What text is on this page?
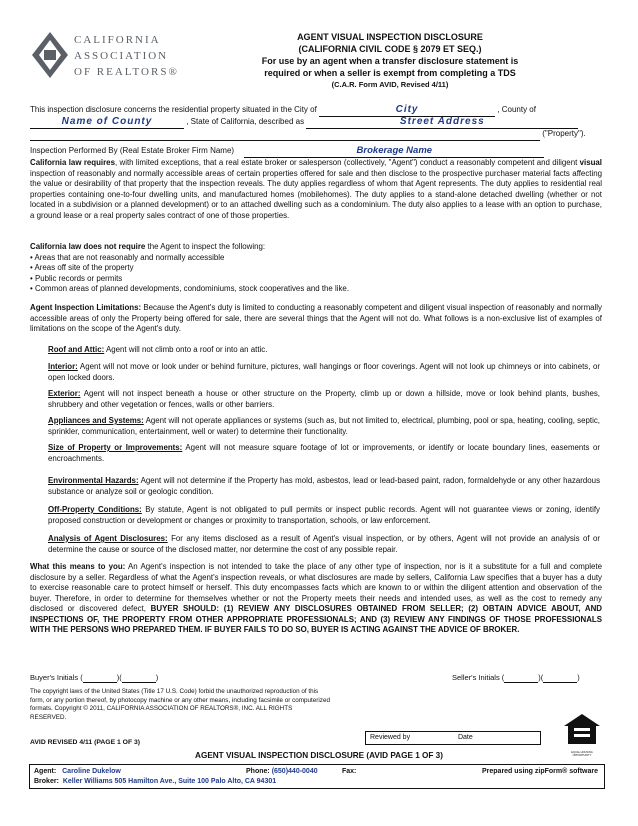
CALIFORNIA
ASSOCIATION
OF REALTORS®
AGENT VISUAL INSPECTION DISCLOSURE
(CALIFORNIA CIVIL CODE § 2079 ET SEQ.)
For use by an agent when a transfer disclosure statement is
required or when a seller is exempt from completing a TDS
(C.A.R. Form AVID, Revised 4/11)
This inspection disclosure concerns the residential property situated in the City of	City	, County of
Name of County	, State of California, described as	Street Address
("Property").
Inspection Performed By (Real Estate Broker Firm Name)	Brokerage Name
California law requires, with limited exceptions, that a real estate broker or salesperson (collectively, "Agent") conduct a reasonably competent and diligent visual inspection of reasonably and normally accessible areas of certain properties offered for sale and then disclose to the prospective purchaser material facts affecting the value or desirability of that property that the inspection reveals. The duty applies regardless of whom that Agent represents. The duty applies to residential real properties containing one-to-four dwelling units, and manufactured homes (mobilehomes). The duty applies to a stand-alone detached dwelling (whether or not located in a subdivision or a planned development) or to an attached dwelling such as a condominium. The duty also applies to a lease with an option to purchase, a ground lease or a real property sales contract of one of those properties.
California law does not require the Agent to inspect the following:
• Areas that are not reasonably and normally accessible
• Areas off site of the property
• Public records or permits
• Common areas of planned developments, condominiums, stock cooperatives and the like.
Agent Inspection Limitations: Because the Agent's duty is limited to conducting a reasonably competent and diligent visual inspection of reasonably and normally accessible areas of only the Property being offered for sale, there are several things that the Agent will not do. What follows is a non-exclusive list of examples of limitations on the scope of the Agent's duty.
Roof and Attic: Agent will not climb onto a roof or into an attic.
Interior: Agent will not move or look under or behind furniture, pictures, wall hangings or floor coverings. Agent will not look up chimneys or into cabinets, or open locked doors.
Exterior: Agent will not inspect beneath a house or other structure on the Property, climb up or down a hillside, move or look behind plants, bushes, shrubbery and other vegetation or fences, walls or other barriers.
Appliances and Systems: Agent will not operate appliances or systems (such as, but not limited to, electrical, plumbing, pool or spa, heating, cooling, septic, sprinkler, communication, entertainment, well or water) to determine their functionality.
Size of Property or Improvements: Agent will not measure square footage of lot or improvements, or identify or locate boundary lines, easements or encroachments.
Environmental Hazards: Agent will not determine if the Property has mold, asbestos, lead or lead-based paint, radon, formaldehyde or any other hazardous substance or analyze soil or geologic condition.
Off-Property Conditions: By statute, Agent is not obligated to pull permits or inspect public records. Agent will not guarantee views or zoning, identify proposed construction or development or changes or proximity to transportation, schools, or law enforcement.
Analysis of Agent Disclosures: For any items disclosed as a result of Agent's visual inspection, or by others, Agent will not provide an analysis of or determine the cause or source of the disclosed matter, nor determine the cost of any possible repair.
What this means to you: An Agent's inspection is not intended to take the place of any other type of inspection, nor is it a substitute for a full and complete disclosure by a seller. Regardless of what the Agent's inspection reveals, or what disclosures are made by sellers, California Law specifies that a buyer has a duty to exercise reasonable care to protect himself or herself. This duty encompasses facts which are known to or within the diligent attention and observation of the buyer. Therefore, in order to determine for themselves whether or not the Property meets their needs and intended uses, as well as the cost to remedy any disclosed or discovered defect, BUYER SHOULD: (1) REVIEW ANY DISCLOSURES OBTAINED FROM SELLER; (2) OBTAIN ADVICE ABOUT, AND INSPECTIONS OF, THE PROPERTY FROM OTHER APPROPRIATE PROFESSIONALS; AND (3) REVIEW ANY FINDINGS OF THOSE PROFESSIONALS WITH THE PERSONS WHO PREPARED THEM. IF BUYER FAILS TO DO SO, BUYER IS ACTING AGAINST THE ADVICE OF BROKER.
Buyer's Initials (	)(	)	Seller's Initials (	)(	)
The copyright laws of the United States (Title 17 U.S. Code) forbid the unauthorized reproduction of this form, or any portion thereof, by photocopy machine or any other means, including facsimile or computerized formats. Copyright © 2011, CALIFORNIA ASSOCIATION OF REALTORS®, INC. ALL RIGHTS RESERVED.
Reviewed by	Date
EQUAL HOUSING OPPORTUNITY
AVID REVISED 4/11 (PAGE 1 OF 3)
AGENT VISUAL INSPECTION DISCLOSURE (AVID PAGE 1 OF 3)
Agent: Caroline Dukelow	Phone: (650)440-0040	Fax:	Prepared using zipForm® software
Broker: Keller Williams 505 Hamilton Ave., Suite 100 Palo Alto, CA 94301
